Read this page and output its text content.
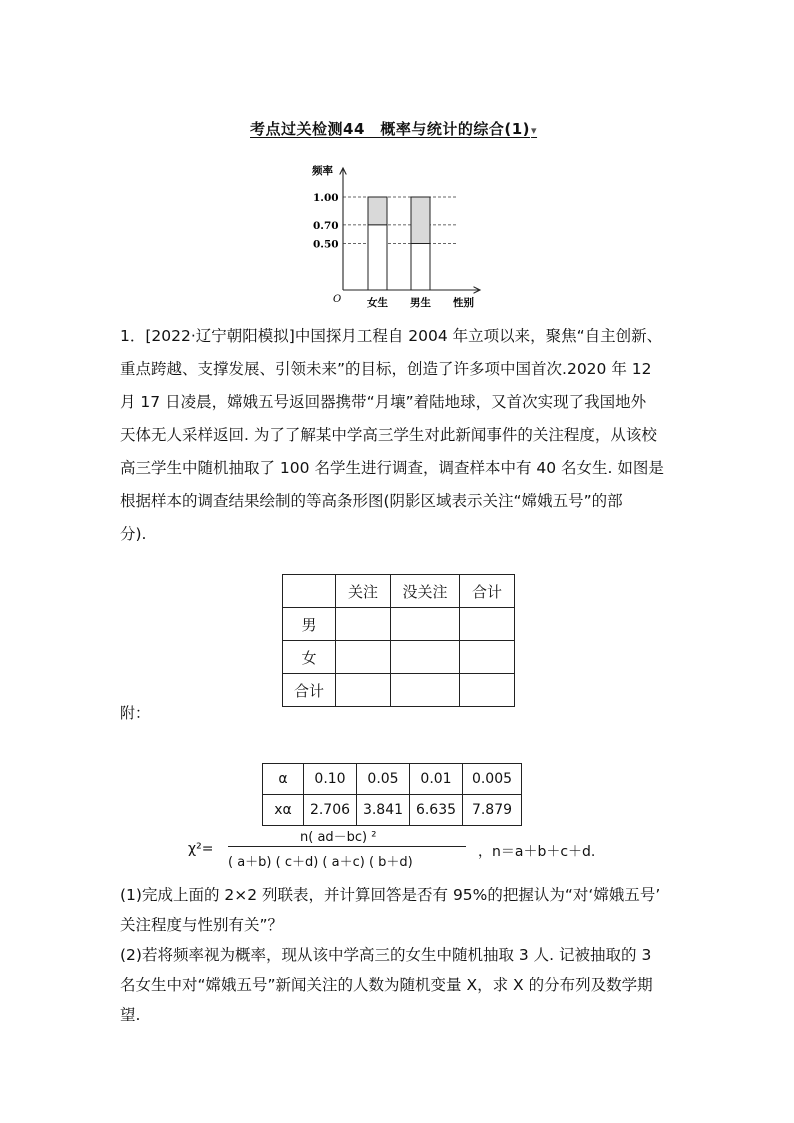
考点过关检测44　概率与统计的综合(1)▾
1.00
0.70
0.50
女生 男生
频率
性别
O
1．[2022·辽宁朝阳模拟]中国探月工程自 2004 年立项以来，聚焦“自主创新、
重点跨越、支撑发展、引领未来”的目标，创造了许多项中国首次.2020 年 12
月 17 日凌晨，嫦娥五号返回器携带“月壤”着陆地球，又首次实现了我国地外
天体无人采样返回. 为了了解某中学高三学生对此新闻事件的关注程度，从该校
高三学生中随机抽取了 100 名学生进行调查，调查样本中有 40 名女生. 如图是
根据样本的调查结果绘制的等高条形图(阴影区域表示关注“嫦娥五号”的部
分).
	关注	没关注	合计
男			
女			
合计			
附：
α	0.10	0.05	0.01	0.005
xα	2.706	3.841	6.635	7.879
χ²=
n( ad－bc) ²
( a＋b) ( c＋d) ( a＋c) ( b＋d)
，n＝a＋b＋c＋d.
(1)完成上面的 2×2 列联表，并计算回答是否有 95%的把握认为“对‘嫦娥五号’
关注程度与性别有关”？
(2)若将频率视为概率，现从该中学高三的女生中随机抽取 3 人. 记被抽取的 3
名女生中对“嫦娥五号”新闻关注的人数为随机变量 X，求 X 的分布列及数学期
望.
